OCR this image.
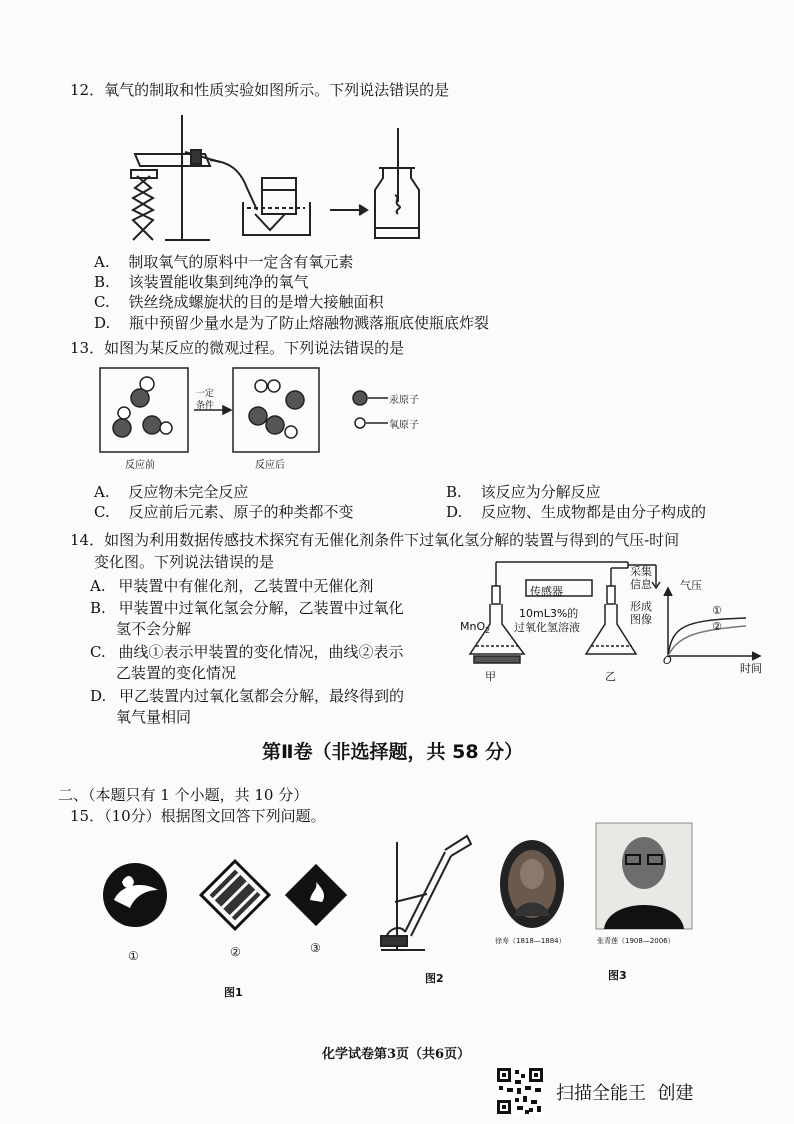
12．氧气的制取和性质实验如图所示。下列说法错误的是
A. 制取氧气的原料中一定含有氧元素
B. 该装置能收集到纯净的氧气
C. 铁丝绕成螺旋状的目的是增大接触面积
D. 瓶中预留少量水是为了防止熔融物溅落瓶底使瓶底炸裂
13．如图为某反应的微观过程。下列说法错误的是
一定
条件	汞原子
氧原子
反应前	反应后
A. 反应物未完全反应	B. 该反应为分解反应
C. 反应前后元素、原子的种类都不变	D. 反应物、生成物都是由分子构成的
14．如图为利用数据传感技术探究有无催化剂条件下过氧化氢分解的装置与得到的气压-时间
变化图。下列说法错误的是
A. 甲装置中有催化剂，乙装置中无催化剂
B. 甲装置中过氧化氢会分解，乙装置中过氧化
氢不会分解
C. 曲线①表示甲装置的变化情况，曲线②表示
乙装置的变化情况
D. 甲乙装置内过氧化氢都会分解，最终得到的
氧气量相同
传感器
采集
信息
形成
图像
10mL3%的
过氧化氢溶液
MnO$_2$
甲	乙
气压
时间
O
①
②
第Ⅱ卷（非选择题，共 58 分）
二、（本题只有 1 个小题，共 10 分）
15．（10分）根据图文回答下列问题。
①	②	③
图1
图2
徐寿（1818—1884）	张青莲（1908—2006）
图3
化学试卷第3页（共6页）
扫描全能王  创建
